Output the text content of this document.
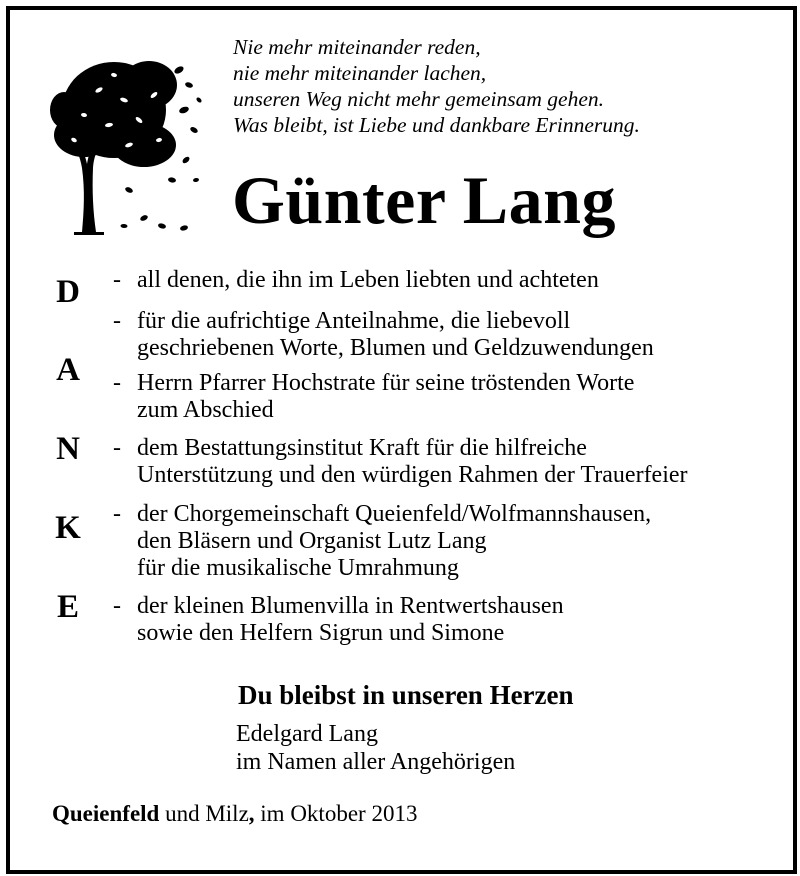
Nie mehr miteinander reden,
nie mehr miteinander lachen,
unseren Weg nicht mehr gemeinsam gehen.
Was bleibt, ist Liebe und dankbare Erinnerung.
Günter Lang
D
A
N
K
E
- all denen, die ihn im Leben liebten und achteten
- für die aufrichtige Anteilnahme, die liebevoll
geschriebenen Worte, Blumen und Geldzuwendungen
- Herrn Pfarrer Hochstrate für seine tröstenden Worte
zum Abschied
- dem Bestattungsinstitut Kraft für die hilfreiche
Unterstützung und den würdigen Rahmen der Trauerfeier
- der Chorgemeinschaft Queienfeld/Wolfmannshausen,
den Bläsern und Organist Lutz Lang
für die musikalische Umrahmung
- der kleinen Blumenvilla in Rentwertshausen
sowie den Helfern Sigrun und Simone
Du bleibst in unseren Herzen
Edelgard Lang
im Namen aller Angehörigen
Queienfeld und Milz, im Oktober 2013
